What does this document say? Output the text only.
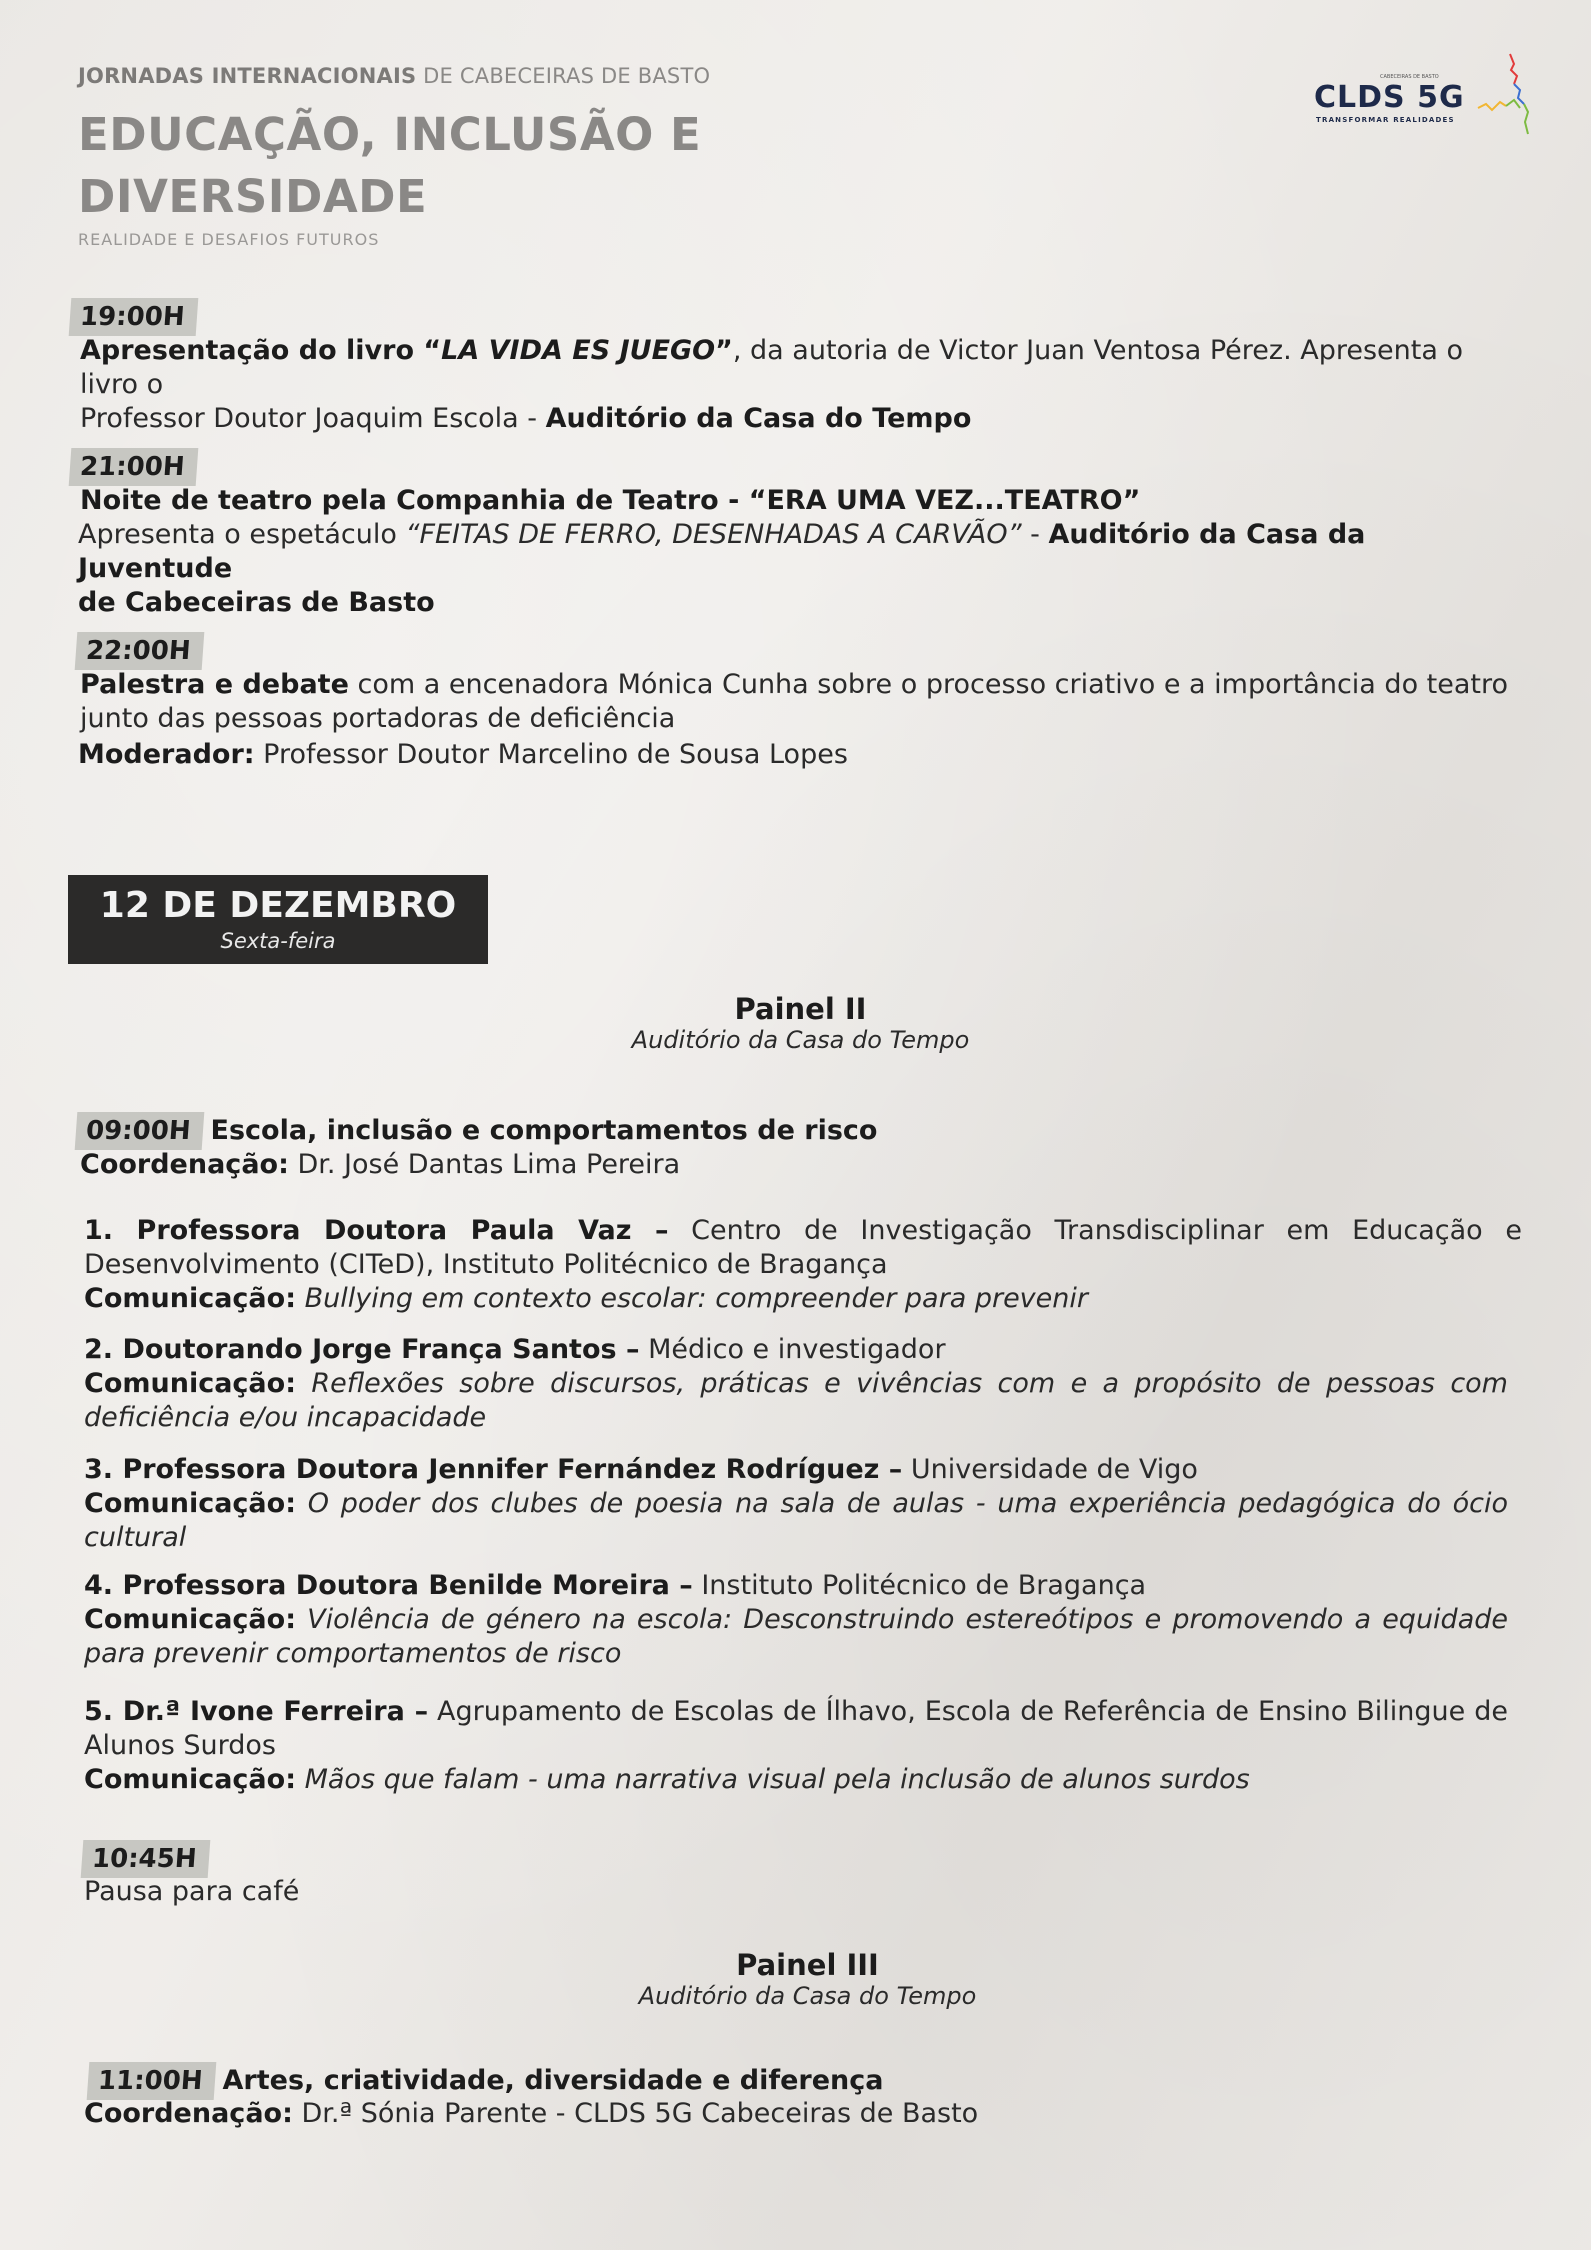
JORNADAS INTERNACIONAIS DE CABECEIRAS DE BASTO
EDUCAÇÃO, INCLUSÃO E
DIVERSIDADE
REALIDADE E DESAFIOS FUTUROS
CABECEIRAS DE BASTO
CLDS 5G
TRANSFORMAR REALIDADES
19:00H
Apresentação do livro “LA VIDA ES JUEGO”, da autoria de Victor Juan Ventosa Pérez. Apresenta o livro o
Professor Doutor Joaquim Escola - Auditório da Casa do Tempo
21:00H
Noite de teatro pela Companhia de Teatro - “ERA UMA VEZ...TEATRO”
Apresenta o espetáculo “FEITAS DE FERRO, DESENHADAS A CARVÃO” - Auditório da Casa da Juventude
de Cabeceiras de Basto
22:00H
Palestra e debate com a encenadora Mónica Cunha sobre o processo criativo e a importância do teatro
junto das pessoas portadoras de deficiência
Moderador: Professor Doutor Marcelino de Sousa Lopes
12 DE DEZEMBRO
Sexta-feira
Painel II
Auditório da Casa do Tempo
09:00H Escola, inclusão e comportamentos de risco
Coordenação: Dr. José Dantas Lima Pereira
1. Professora Doutora Paula Vaz – Centro de Investigação Transdisciplinar em Educação e
Desenvolvimento (CITeD), Instituto Politécnico de Bragança
Comunicação: Bullying em contexto escolar: compreender para prevenir
2. Doutorando Jorge França Santos – Médico e investigador
Comunicação: Reflexões sobre discursos, práticas e vivências com e a propósito de pessoas com deficiência e/ou incapacidade
3. Professora Doutora Jennifer Fernández Rodríguez – Universidade de Vigo
Comunicação: O poder dos clubes de poesia na sala de aulas - uma experiência pedagógica do ócio cultural
4. Professora Doutora Benilde Moreira – Instituto Politécnico de Bragança
Comunicação: Violência de género na escola: Desconstruindo estereótipos e promovendo a equidade para prevenir comportamentos de risco
5. Dr.ª Ivone Ferreira – Agrupamento de Escolas de Ílhavo, Escola de Referência de Ensino Bilingue de Alunos Surdos
Comunicação: Mãos que falam - uma narrativa visual pela inclusão de alunos surdos
10:45H
Pausa para café
Painel III
Auditório da Casa do Tempo
11:00H Artes, criatividade, diversidade e diferença
Coordenação: Dr.ª Sónia Parente - CLDS 5G Cabeceiras de Basto
